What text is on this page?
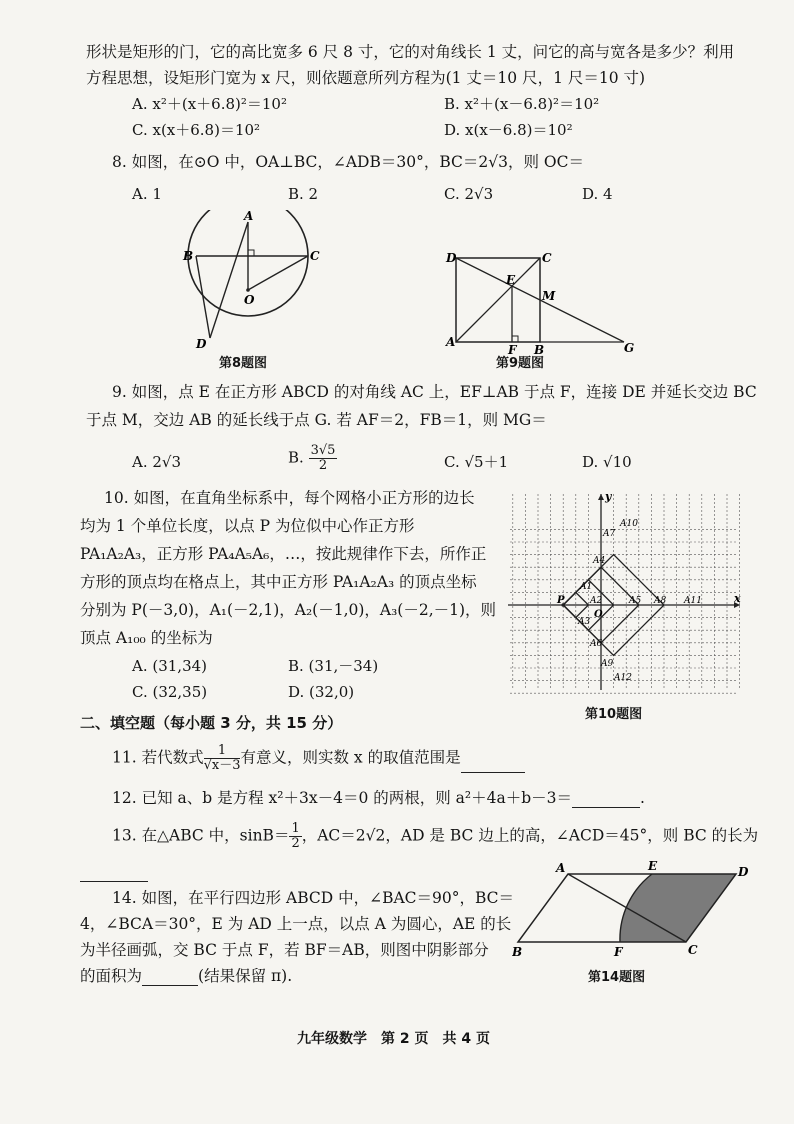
形状是矩形的门，它的高比宽多 6 尺 8 寸，它的对角线长 1 丈，问它的高与宽各是多少？利用
方程思想，设矩形门宽为 x 尺，则依题意所列方程为(1 丈＝10 尺，1 尺＝10 寸)
A. x²＋(x＋6.8)²＝10²	B. x²＋(x－6.8)²＝10²
C. x(x＋6.8)＝10²	D. x(x－6.8)＝10²
8. 如图，在⊙O 中，OA⊥BC，∠ADB＝30°，BC＝2√3，则 OC＝
A. 1	B. 2	C. 2√3	D. 4
A
B	C
O
D
第8题图
D	C
E
M
A
F B	G
第9题图
9. 如图，点 E 在正方形 ABCD 的对角线 AC 上，EF⊥AB 于点 F，连接 DE 并延长交边 BC
于点 M，交边 AB 的延长线于点 G. 若 AF＝2，FB＝1，则 MG＝
A. 2√3	B. $\frac{3√5}{2}$	C. √5＋1	D. √10
10. 如图，在直角坐标系中，每个网格小正方形的边长
均为 1 个单位长度，以点 P 为位似中心作正方形
PA₁A₂A₃，正方形 PA₄A₅A₆，…，按此规律作下去，所作正
方形的顶点均在格点上，其中正方形 PA₁A₂A₃ 的顶点坐标
分别为 P(－3,0)，A₁(－2,1)，A₂(－1,0)，A₃(－2,－1)，则
顶点 A₁₀₀ 的坐标为
A. (31,34)	B. (31,－34)
C. (32,35)	D. (32,0)
x
y
P
O
A1
A2
A3
A4
A5
A6
A7
A8
A9
A10
A11
A12
第10题图
二、填空题（每小题 3 分，共 15 分）
11. 若代数式 $\frac{1}{√x-3}$ 有意义，则实数 x 的取值范围是
12. 已知 a、b 是方程 x²＋3x－4＝0 的两根，则 a²＋4a＋b－3＝	.
13. 在△ABC 中，$\sin B= \frac{1}{2}$ ，AC＝2√2，AD 是 BC 边上的高，∠ACD＝45°，则 BC 的长为
14. 如图，在平行四边形 ABCD 中，∠BAC＝90°，BC＝
4，∠BCA＝30°，E 为 AD 上一点，以点 A 为圆心，AE 的长
为半径画弧，交 BC 于点 F，若 BF＝AB，则图中阴影部分
的面积为	(结果保留 π).
A	E	D
B	F	C
第14题图
九年级数学　第 2 页　共 4 页
